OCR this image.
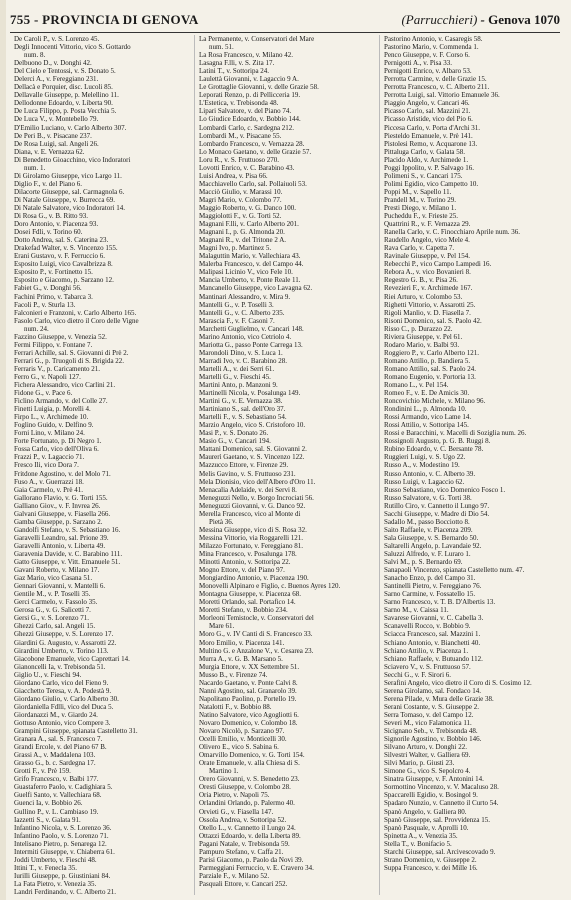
755 - PROVINCIA DI GENOVA	(Parrucchieri) - Genova 1070
De Caroli P., v. S. Lorenzo 45.
Degli Innocenti Vittorio, vico S. Gottardo
num. 8.
Delbuono D., v. Donghi 42.
Del Cielo e Tentossi, v. S. Donato 5.
Delerci A., v. Fereggiano 231.
Dellacà e Porquier, disc. Lucoli 85.
Dellavalle Giuseppe, p. Melellino 11.
Dellodonne Edoardo, v. Liberta 90.
De Luca Filippo, p. Posta Vecchia 5.
De Luca V., v. Montebello 79.
D'Emilio Luciano, v. Carlo Alberto 307.
De Peri B., v. Pisacane 237.
De Rosa Luigi, sal. Angeli 26.
Diana, v. E. Vernazza 62.
Di Benedetto Gioacchino, vico Indoratori
num. 1.
Di Girolamo Giuseppe, vico Largo 11.
Diglio F., v. del Piano 6.
Dilacorte Giuseppe, sal. Carmagnola 6.
Di Natale Giuseppe, v. Burrecca 69.
Di Natale Salvatore, vico Indoratori 14.
Di Rosa G., v. B. Ritto 93.
Doro Antonio, v. Piacenza 93.
Dosei Fdli, v. Torino 60.
Dotto Andrea, sal. S. Caterina 23.
Drakefad Walter, v. S. Vincenzo 155.
Erani Gustavo, v. F. Ferruccio 6.
Esposito Luigi, vico Cavalbrizza 8.
Esposito P., v. Fortinetto 15.
Esposito e Giacomo, p. Sarzano 12.
Fabiet G., v. Donghi 56.
Fachini Primo, v. Tabarca 3.
Facoli P., v. Sturla 13.
Falconieri e Franzoni, v. Carlo Alberto 165.
Fasolo Carlo, vico dietro il Coro delle Vigne
num. 24.
Fazzino Giuseppe, v. Venezia 52.
Fermi Filippo, v. Fontane 7.
Ferrari Achille, sal. S. Giovanni di Prè 2.
Ferrari G., p. Truogoli di S. Brigida 22.
Ferraris V., p. Caricamento 21.
Ferro G., v. Napoli 127.
Fichera Alessandro, vico Carlini 21.
Fidone G., v. Pace 6.
Ficlino Armando, v. del Colle 27.
Finetti Luigia, p. Morelli 4.
Firpo L., v. Archimede 10.
Foglino Guido, v. Delfino 9.
Forni Lino, v. Milano 24.
Forte Fortunato, p. Di Negro 1.
Fossa Carlo, vico dell'Oliva 6.
Frazzi P., v. Lagaccio 71.
Fresco Ili, vico Dora 7.
Fritdone Agostino, v. del Molo 71.
Fuso A., v. Guerrazzi 18.
Gaia Carmelo, v. Prè 41.
Gallorano Flavio, v. G. Torti 155.
Galliano Giov., v. F. Invrea 26.
Galvani Giuseppe, v. Fiasella 266.
Gamba Giuseppe, p. Sarzano 2.
Gandolfi Stefano, v. S. Sebastiano 16.
Garavelli Leandro, sal. Prione 39.
Garavelli Antonio, v. Liberta 49.
Garavenia Davide, v. C. Barabino 111.
Gatto Giuseppe, v. Vitt. Emanuele 51.
Gavani Roberto, v. Milano 17.
Gaz Mario, vico Casana 51.
Gennari Giovanni, v. Mantelli 6.
Gentile M., v. P. Toselli 35.
Gerci Carmelo, v. Fassolo 35.
Gerosa G., v. G. Salicetti 7.
Gersi G., v. S. Lorenzo 71.
Ghezzi Carlo, sal. Angeli 15.
Ghezzi Giuseppe, v. S. Lorenzo 17.
Giardini G. Augusto, v. Assarotti 22.
Girardini Umberto, v. Torino 113.
Giacobone Emanuele, vico Caprettari 14.
Gianoncelli Ia, v. Trebisonda 51.
Giglio U., v. Fieschi 94.
Giordano Carlo, vico del Fieno 9.
Giacchetto Teresa, v. A. Podestà 9.
Giordano Giulio, v. Carlo Alberto 30.
Giordaniella Fdlli, vico del Duca 5.
Giordanazzi M., v. Giardo 24.
Gottuso Antonio, vico Compere 3.
Grampini Giuseppe, spianata Castelletto 31.
Granara A., sal. S. Francesco 7.
Grandi Ercole, v. del Piano 67 B.
Grassi A., v. Maddalena 103.
Grasso G., b. c. Sardegna 17.
Grotti F., v. Prè 159.
Grifo Francesco, v. Balbi 177.
Guastaferro Paolo, v. Cadighiara 5.
Guelfi Santo, v. Vallechiara 68.
Guenci Ia, v. Bobbio 26.
Gullino P., v. L. Cambiaso 19.
Iazzetti S., v. Galata 91.
Infantino Nicola, v. S. Lorenzo 36.
Infantino Paolo, v. S. Lorenzo 71.
Intelisano Pietro, p. Senarega 12.
Intermiti Giuseppe, v. Chiaberra 61.
Joddi Umberto, v. Fieschi 48.
Ittini T., v. Fenecla 35.
Iurilli Giuseppe, p. Giustiniani 84.
La Fata Pietro, v. Venezia 35.
Landri Ferdinando, v. C. Alberto 21.
La Permanente, v. Conservatori del Mare
num. 51.
La Rosa Francesco, v. Milano 42.
Lasagna F.lli, v. S. Zita 17.
Latini T., v. Sottoripa 24.
Laulettà Giovanni, v. Lagaccio 9 A.
Le Grottaglie Giovanni, v. delle Grazie 58.
Leporati Renzo, p. di Pellicceria 19.
L'Estetica, v. Trebisonda 48.
Lipari Salvatore, v. del Piano 74.
Lo Giudice Edoardo, v. Bobbio 144.
Lombardi Carlo, c. Sardegna 212.
Lombardi M., v. Pisacane 55.
Lombardo Francesco, v. Vernazza 28.
Lo Monaco Gaetano, v. delle Grazie 57.
Loru R., v. S. Fruttuoso 270.
Lovotti Enrico, v. C. Barabino 43.
Luisi Andrea, v. Pisa 66.
Macchiavello Carlo, sal. Pollaiuoli 53.
Macciò Giulio, v. Marassi 10.
Magri Mario, v. Colombo 77.
Maggio Roberto, v. G. Danco 100.
Maggiolotti F., v. G. Torti 52.
Magnani F.lli, v. Carlo Alberto 201.
Magnani I., p. G. Almonda 20.
Magnani R., v. del Tritone 2 A.
Magni Ivo, p. Martinez 5.
Malaguttin Mario, v. Vallechiara 43.
Malerba Francesco, v. del Campo 44.
Malipasi Licinio V., vico Fele 10.
Mancia Umberto, v. Ponte Reale 11.
Mancanello Giuseppe, vico Lavagna 62.
Mantinari Alessandro, v. Mira 9.
Mantelli G., v. P. Toselli 3.
Mantelli G., v. C. Alberto 235.
Marascia F., v. F. Casoni 7.
Marchetti Guglielmo, v. Cancari 148.
Marino Antonio, vico Cetriolo 4.
Mariotta G., passo Ponte Carrega 13.
Marondoli Dino, v. S. Luca 1.
Marradi Ivo, v. C. Barabino 28.
Martelli A., v. dei Serri 61.
Martelli G., v. Fieschi 45.
Martini Anto, p. Manzoni 9.
Martinelli Nicola, v. Posalunga 149.
Martini G., v. E. Vernazza 38.
Martiniano S., sal. dell'Oro 37.
Martelli F., v. S. Sebastiano 54.
Marzio Angelo, vico S. Cristoforo 10.
Masi P., v. S. Donato 26.
Masio G., v. Cancari 194.
Mattani Domenico, sal. S. Giovanni 2.
Maurerì Gaetano, v. S. Vincenzo 122.
Mazzucco Ettore, v. Firenze 29.
Melis Gavino, v. S. Fruttuoso 231.
Mela Dionisio, vico dell'Albero d'Oro 11.
Menacalia Adelaide, v. dei Servi 8.
Meneguzzi Nello, v. Borgo Incrociati 56.
Meneguzzi Giovanni, v. G. Danco 92.
Merella Francesco, vico al Monte di
Pietà 36.
Messina Giuseppe, vico di S. Rosa 32.
Messina Vittorio, via Roggarelli 121.
Milazzo Fortunato, v. Fereggiano 81.
Mina Francesco, v. Posalunga 178.
Minotti Antonio, v. Sottoripa 22.
Mogno Ettore, v. del Piano 97.
Mongiardino Antonio, v. Piacenza 190.
Monovelli Alpinaro e Figlio, c. Buenos Ayres 120.
Montagna Giuseppe, v. Piacenza 68.
Moretti Orlando, sal. Portafico 14.
Moretti Stefano, v. Bobbio 234.
Morleoni Temistocle, v. Conservatori del
Mare 61.
Moro G., v. IV Canti di S. Francesco 33.
Moro Emilio, v. Piacenza 141.
Multino G. e Anzalone V., v. Cesarea 23.
Murra A., v. G. B. Marsano 5.
Murgia Ettore, v. XX Settembre 51.
Musso B., v. Firenze 74.
Nacardo Gaetano, v. Ponte Calvi 8.
Nanni Agostino, sal. Granarolo 39.
Napolitano Paolino, p. Portello 19.
Natalotti F., v. Bobbio 88.
Natino Salvatore, vico Agogliotti 6.
Novaro Domenico, v. Colombo 18.
Novaro Nicolò, p. Sarzano 97.
Ocelli Emilio, v. Monticelli 30.
Olivero E., vico S. Sabina 6.
Omarvillo Domenico, v. G. Torti 154.
Orate Emanuele, v. alla Chiesa di S.
Martino 1.
Orero Giovanni, v. S. Benedetto 23.
Oresti Giuseppe, v. Colombo 28.
Oria Pietro, v. Napoli 75.
Orlandini Orlando, p. Palermo 40.
Orvieti G., v. Fiasella 147.
Ossola Andrea, v. Sottoripa 52.
Otello L., v. Cannetto il Lungo 24.
Ottazzi Edoardo, v. della Liberta 89.
Pagani Natale, v. Trebisonda 59.
Pampuro Stefano, v. Caffa 21.
Parisi Giacomo, p. Paolo da Novi 39.
Parmeggiani Ferruccio, v. E. Cravero 34.
Parziale F., v. Milano 52.
Pasquali Ettore, v. Cancari 252.
Pastorino Antonio, v. Casaregis 58.
Pastorino Mario, v. Commenda 1.
Penco Giuseppe, v. F. Corso 6.
Pernigotti A., v. Pisa 33.
Pernigotti Enrico, v. Albaro 53.
Perrotta Carmine, v. delle Grazie 15.
Perrotta Francesco, v. C. Alberto 211.
Perrotta Luigi, sal. Vittorio Emanuele 36.
Piaggio Angelo, v. Cancari 46.
Picasso Carlo, sal. Mazzini 21.
Picasso Aristide, vico del Pio 6.
Piccesa Carlo, v. Porta d'Archi 31.
Piesteldo Emanuele, v. Prè 141.
Pistolesi Remo, v. Acquarone 13.
Pittaluga Carlo, v. Galata 58.
Placido Aldo, v. Archimede 1.
Poggi Ippolito, v. P. Salvago 16.
Polimeni S., v. Cancari 175.
Polimi Egidio, vico Campetto 10.
Poppi M., v. Sapello 11.
Prandell M., v. Torino 29.
Presti Diego, v. Milano 1.
Pucheddu F., v. Frieste 25.
Quattrini R., v. F. Vernazza 29.
Ranella Carlo, v. C. Finocchiaro Aprile num. 36.
Raudello Angelo, vico Mele 4.
Rava Carlo, v. Capetta 7.
Ravinale Giuseppe, v. Pel 154.
Rebecchi P., vico Campo Lampedi 16.
Rebora A., v. vico Bovanieri 8.
Regestro G. B., v. Pisa 26.
Revezieri F., v. Archimede 167.
Riei Arturo, v. Colombo 53.
Righetti Vittorio, v. Assarotti 25.
Rigoli Manlio, v. D. Fiasella 7.
Risoni Domenico, sal. S. Paolo 42.
Risso C., p. Durazzo 22.
Riviera Giuseppe, v. Pel 61.
Rodaro Mario, v. Balbi 93.
Roggiero P., v. Carlo Alberto 121.
Romano Attilio, p. Bandiera 5.
Romano Attilio, sal. S. Paolo 24.
Romano Eugenio, v. Portoria 13.
Romano L., v. Pel 154.
Romeo F., v. E. De Amicis 30.
Roncovichio Michele, v. Milano 96.
Rondinini L., p. Almonda 10.
Rossi Armando, vico Lame 14.
Rossi Attilio, v. Sottoripa 145.
Rossi e Baracchini, v. Macelli di Soziglia num. 26.
Rossignoli Augusto, p. G. B. Ruggi 8.
Rubino Edoardo, v. C. Bersante 78.
Ruggieri Luigi, v. S. Ugo 22.
Russo A., v. Modestino 19.
Russo Antonio, v. C. Alberto 39.
Russo Luigi, v. Lagaccio 62.
Russo Sebastiano, vico Domenico Fosco 1.
Russo Salvatore, v. G. Torti 38.
Rutillo Ciro, v. Cannetto il Lungo 97.
Sacchi Giuseppe, v. Madre di Dio 54.
Sadallo M., passo Bocciotto 8.
Saito Raffaele, v. Piacenza 209.
Sala Giuseppe, v. S. Bernardo 50.
Saltarelli Angelo, p. Lavandaie 92.
Saluzzi Alfredo, v. F. Luraro 1.
Salvi M., p. S. Bernardo 69.
Sanapaoli Vincenzo, spianata Castelletto num. 47.
Sanacho Enzo, p. del Campo 31.
Santinelli Pietro, v. Fereggiano 76.
Sarno Carmine, v. Fossatello 15.
Sarno Francesco, v. T. B. D'Albertis 13.
Sarno M., v. Caissa 11.
Savarese Giovanni, v. C. Cabella 3.
Scanavelli Rocco, v. Bobbio 9.
Sciacca Francesco, sal. Mazzini 1.
Schiano Antonio, v. Bianchetti 40.
Schiano Attilio, v. Piacenza 1.
Schiano Raffaele, v. Butuando 112.
Sciavero V., v. S. Fruttuoso 57.
Secchi G., v. F. Sirori 6.
Serafini Angelo, vico dietro il Coro di S. Cosimo 12.
Serena Girolamo, sal. Fondaco 14.
Serena Pilade, v. Mura delle Grazie 38.
Serani Costante, v. S. Giuseppe 2.
Serra Tomaso, v. del Campo 12.
Severi M., vico Falamonica 11.
Sicignano Seb., v. Trebisonda 48.
Signorile Agostino, v. Bobbio 146.
Silvano Arturo, v. Donghi 22.
Silvestri Walter, v. Galliera 69.
Silvi Mario, p. Giusti 23.
Simone G., vico S. Sepolcro 4.
Sinatra Giuseppe, v. F. Antonini 14.
Sormottino Vincenzo, v. V. Macaluso 28.
Spaccarelli Egidio, v. Bosingol 9.
Spadaro Nunzio, v. Cannetto il Curto 54.
Spanò Angelo, v. Galliera 80.
Spanò Giuseppe, sal. Provvidenza 15.
Spanò Pasquale, v. Aprolli 10.
Spinetta A., v. Venezia 35.
Stella T., v. Bonifacio 5.
Starchi Giuseppe, sal. Arcivescovado 9.
Strano Domenico, v. Giuseppe 2.
Suppa Francesco, v. dei Mille 16.
